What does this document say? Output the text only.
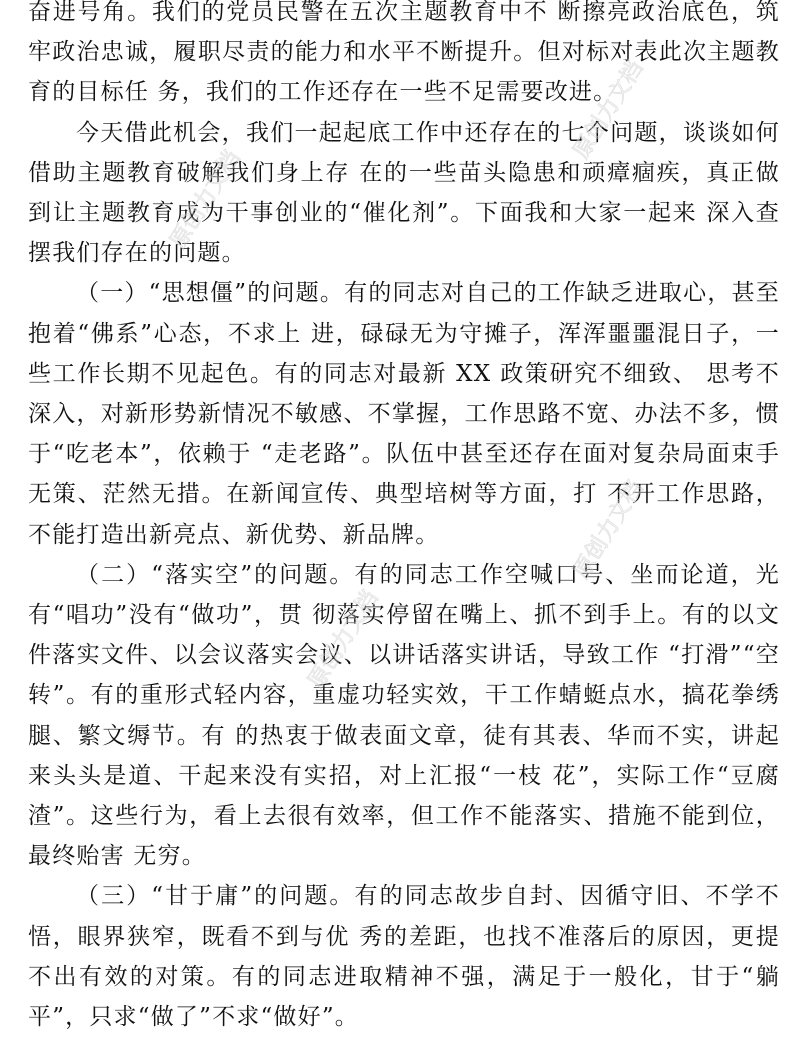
奋进号角。我们的党员民警在五次主题教育中不 断擦亮政治底色，筑牢政治忠诚，履职尽责的能力和水平不断提升。但对标对表此次主题教育的目标任 务，我们的工作还存在一些不足需要改进。

今天借此机会，我们一起起底工作中还存在的七个问题，谈谈如何借助主题教育破解我们身上存 在的一些苗头隐患和顽瘴痼疾，真正做到让主题教育成为干事创业的“催化剂”。下面我和大家一起来 深入查摆我们存在的问题。

（一）“思想僵”的问题。有的同志对自己的工作缺乏进取心，甚至抱着“佛系”心态，不求上 进，碌碌无为守摊子，浑浑噩噩混日子，一些工作长期不见起色。有的同志对最新 XX 政策研究不细致、 思考不深入，对新形势新情况不敏感、不掌握，工作思路不宽、办法不多，惯于“吃老本”，依赖于 “走老路”。队伍中甚至还存在面对复杂局面束手无策、茫然无措。在新闻宣传、典型培树等方面，打 不开工作思路，不能打造出新亮点、新优势、新品牌。

（二）“落实空”的问题。有的同志工作空喊口号、坐而论道，光有“唱功”没有“做功”，贯 彻落实停留在嘴上、抓不到手上。有的以文件落实文件、以会议落实会议、以讲话落实讲话，导致工作 “打滑”“空转”。有的重形式轻内容，重虚功轻实效，干工作蜻蜓点水，搞花拳绣腿、繁文缛节。有 的热衷于做表面文章，徒有其表、华而不实，讲起来头头是道、干起来没有实招，对上汇报“一枝 花”，实际工作“豆腐渣”。这些行为，看上去很有效率，但工作不能落实、措施不能到位，最终贻害 无穷。

（三）“甘于庸”的问题。有的同志故步自封、因循守旧、不学不悟，眼界狭窄，既看不到与优 秀的差距，也找不准落后的原因，更提不出有效的对策。有的同志进取精神不强，满足于一般化，甘于“躺平”，只求“做了”不求“做好”。

原创力文档
原创力文档
原创力文档
原创力文档
